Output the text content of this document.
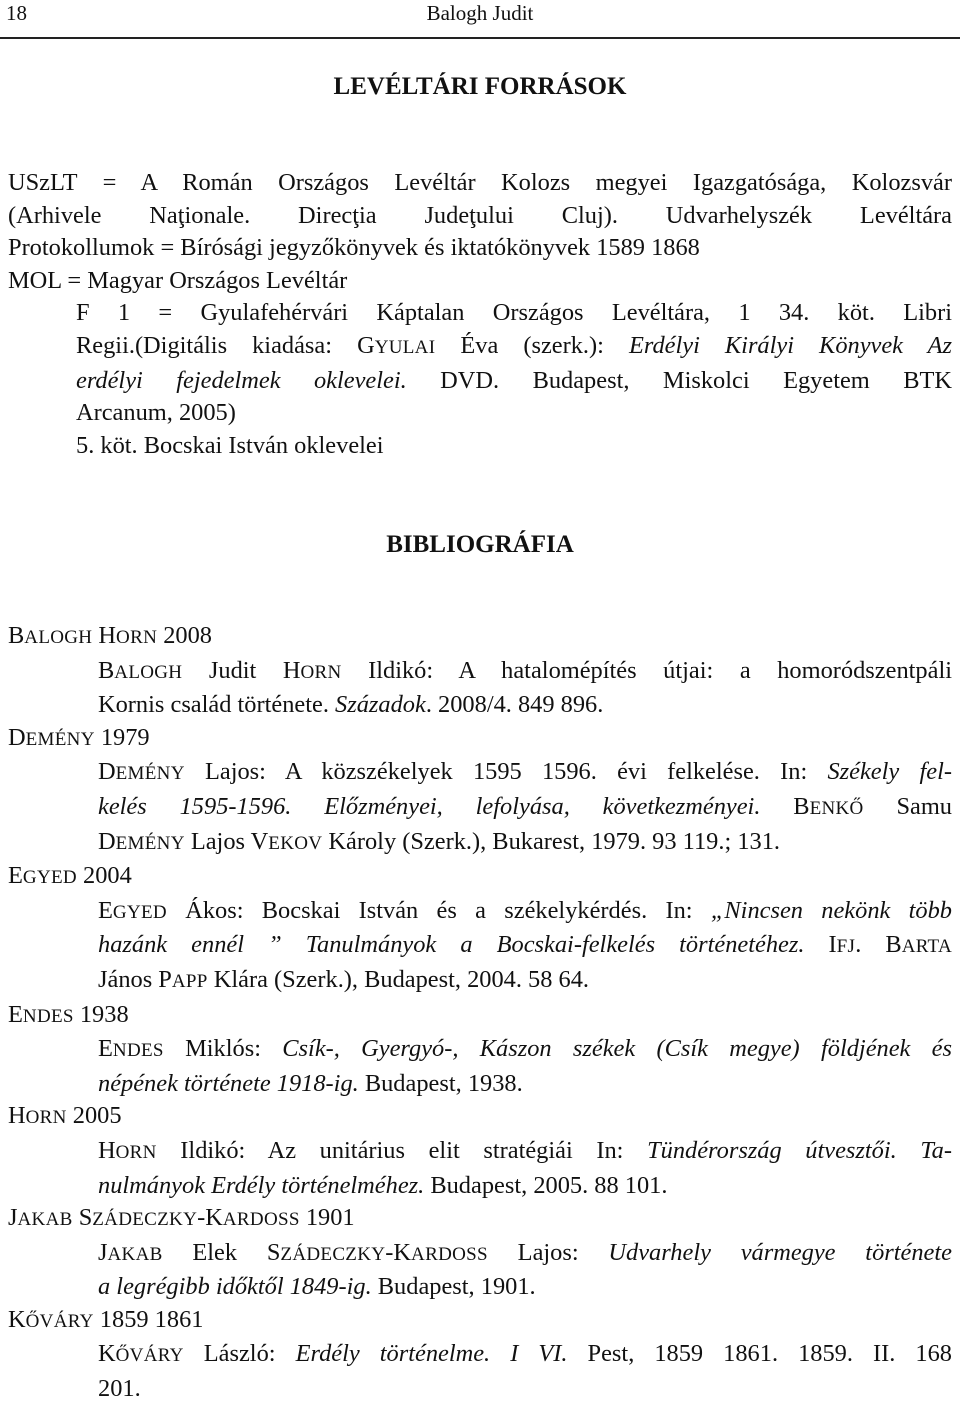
18	Balogh Judit
LEVÉLTÁRI FORRÁSOK

USzLT = A Román Országos Levéltár Kolozs megyei Igazgatósága, Kolozsvár

(Arhivele Naţionale. Direcţia Judeţului Cluj). Udvarhelyszék Levéltára

Protokollumok = Bírósági jegyzőkönyvek és iktatókönyvek 1589 1868

MOL = Magyar Országos Levéltár

F 1 = Gyulafehérvári Káptalan Országos Levéltára, 1 34. köt. Libri

Regii.(Digitális kiadása: GYULAI Éva (szerk.): Erdélyi Királyi Könyvek Az

erdélyi fejedelmek oklevelei. DVD. Budapest, Miskolci Egyetem BTK

Arcanum, 2005)

5. köt. Bocskai István oklevelei

BIBLIOGRÁFIA

BALOGH HORN 2008

BALOGH Judit HORN Ildikó: A hatalomépítés útjai: a homoródszentpáli

Kornis család története. Századok. 2008/4. 849 896.

DEMÉNY 1979

DEMÉNY Lajos: A közszékelyek 1595 1596. évi felkelése. In: Székely fel-

kelés 1595-1596. Előzményei, lefolyása, következményei. BENKŐ Samu

DEMÉNY Lajos VEKOV Károly (Szerk.), Bukarest, 1979. 93 119.; 131.

EGYED 2004

EGYED Ákos: Bocskai István és a székelykérdés. In: „Nincsen nekönk több

hazánk ennél ” Tanulmányok a Bocskai-felkelés történetéhez. IFJ. BARTA

János PAPP Klára (Szerk.), Budapest, 2004. 58 64.

ENDES 1938

ENDES Miklós: Csík-, Gyergyó-, Kászon székek (Csík megye) földjének és

népének története 1918-ig. Budapest, 1938.

HORN 2005

HORN Ildikó: Az unitárius elit stratégiái In: Tündérország útvesztői. Ta-

nulmányok Erdély történelméhez. Budapest, 2005. 88 101.

JAKAB SZÁDECZKY-KARDOSS 1901

JAKAB Elek SZÁDECZKY-KARDOSS Lajos: Udvarhely vármegye története

a legrégibb időktől 1849-ig. Budapest, 1901.

KŐVÁRY 1859 1861

KŐVÁRY László: Erdély történelme. I VI. Pest, 1859 1861. 1859. II. 168

201.
